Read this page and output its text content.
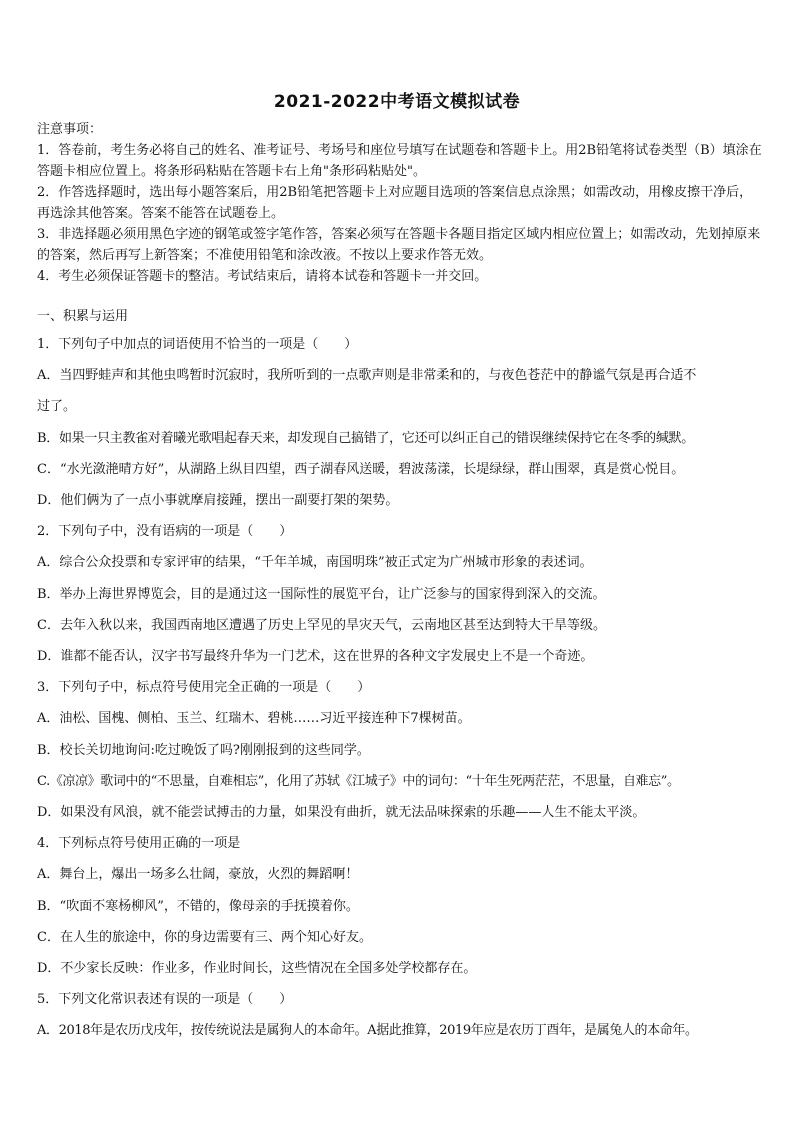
2021-2022中考语文模拟试卷

注意事项：

1．答卷前，考生务必将自己的姓名、准考证号、考场号和座位号填写在试题卷和答题卡上。用2B铅笔将试卷类型（B）填涂在答题卡相应位置上。将条形码粘贴在答题卡右上角"条形码粘贴处"。

2．作答选择题时，选出每小题答案后，用2B铅笔把答题卡上对应题目选项的答案信息点涂黑；如需改动，用橡皮擦干净后，再选涂其他答案。答案不能答在试题卷上。

3．非选择题必须用黑色字迹的钢笔或签字笔作答，答案必须写在答题卡各题目指定区域内相应位置上；如需改动，先划掉原来的答案，然后再写上新答案；不准使用铅笔和涂改液。不按以上要求作答无效。

4．考生必须保证答题卡的整洁。考试结束后，请将本试卷和答题卡一并交回。

一、积累与运用

1．下列句子中加点的词语使用不恰当的一项是（　　）

A．当四野蛙声和其他虫鸣暂时沉寂时，我所听到的一点歌声则是非常柔和的，与夜色苍茫中的静谧气氛是再合适不

过了。

B．如果一只主教雀对着曦光歌唱起春天来，却发现自己搞错了，它还可以纠正自己的错误继续保持它在冬季的缄默。

C．“水光潋滟晴方好”，从湖路上纵目四望，西子湖春风送暖，碧波荡漾，长堤绿绿，群山围翠，真是赏心悦目。

D．他们俩为了一点小事就摩肩接踵，摆出一副要打架的架势。

2．下列句子中，没有语病的一项是（　　）

A．综合公众投票和专家评审的结果，“千年羊城，南国明珠”被正式定为广州城市形象的表述词。

B．举办上海世界博览会，目的是通过这一国际性的展览平台，让广泛参与的国家得到深入的交流。

C．去年入秋以来，我国西南地区遭遇了历史上罕见的旱灾天气，云南地区甚至达到特大干旱等级。

D．谁都不能否认，汉字书写最终升华为一门艺术，这在世界的各种文字发展史上不是一个奇迹。

3．下列句子中，标点符号使用完全正确的一项是（　　）

A．油松、国槐、侧柏、玉兰、红瑞木、碧桃……习近平接连种下7棵树苗。

B．校长关切地询问:吃过晚饭了吗?刚刚报到的这些同学。

C.《凉凉》歌词中的“不思量，自难相忘”，化用了苏轼《江城子》中的词句：“十年生死两茫茫，不思量，自难忘”。

D．如果没有风浪，就不能尝试搏击的力量，如果没有曲折，就无法品味探索的乐趣——人生不能太平淡。

4．下列标点符号使用正确的一项是

A．舞台上，爆出一场多么壮阔，豪放，火烈的舞蹈啊！

B．“吹面不寒杨柳风”，不错的，像母亲的手抚摸着你。

C．在人生的旅途中，你的身边需要有三、两个知心好友。

D．不少家长反映：作业多，作业时间长，这些情况在全国多处学校都存在。

5．下列文化常识表述有误的一项是（　　）

A．2018年是农历戊戌年，按传统说法是属狗人的本命年。A据此推算，2019年应是农历丁酉年，是属兔人的本命年。
